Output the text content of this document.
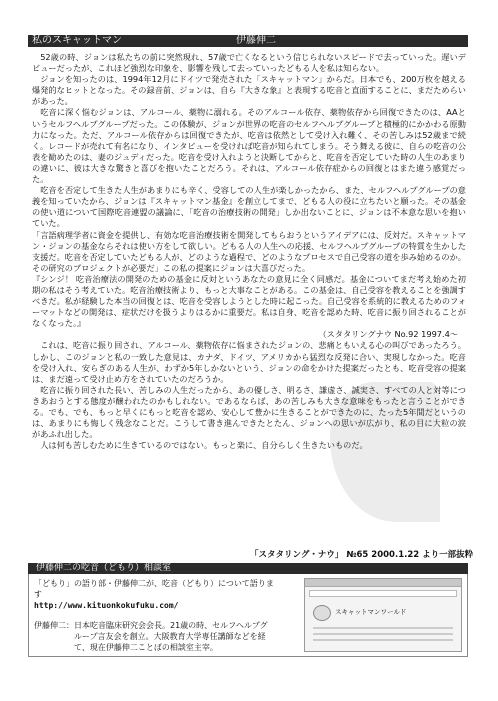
私のスキャットマン	伊藤伸二

52歳の時、ジョンは私たちの前に突然現れ、57歳で亡くなるという信じられないスピードで去っていった。遅いデビューだったが、これほど強烈な印象を、影響を残して去っていったどもる人を私は知らない。

ジョンを知ったのは、1994年12月にドイツで発売された「スキャットマン」からだ。日本でも、200万枚を越える爆発的なヒットとなった。その録音前、ジョンは、自ら『大きな象』と表現する吃音と直面することに、まだためらいがあった。

吃音に深く悩むジョンは、アルコール、薬物に溺れる。そのアルコール依存、薬物依存から回復できたのは、AAというセルフヘルプグループだった。この体験が、ジョンが世界の吃音のセルフヘルプグループと積極的にかかわる原動力になった。ただ、アルコール依存からは回復できたが、吃音は依然として受け入れ難く、その苦しみは52歳まで続く。レコードが売れて有名になり、インタビューを受ければ吃音が知られてしまう。そう舞える彼に、自らの吃音の公表を勧めたのは、妻のジュディだった。吃音を受け入れようと決断してからと、吃音を否定していた時の人生のあまりの違いに、彼は大きな驚きと喜びを抱いたことだろう。それは、アルコール依存症からの回復とはまた違う感覚だった。

吃音を否定して生きた人生があまりにも辛く、受容しての人生が楽しかったから、また、セルフヘルプグループの意義を知っていたから、ジョンは『スキャットマン基金』を創立してまで、どもる人の役に立ちたいと願った。その基金の使い道について国際吃音連盟の議論に、「吃音の治療技術の開発」しか出ないことに、ジョンは不本意な思いを抱いていた。

「言語病理学者に資金を提供し、有効な吃音治療技術を開発してもらおうというアイデアには、反対だ。スキャットマン・ジョンの基金ならそれは使い方をして欲しい。どもる人の人生への応援、セルフヘルプグループの特質を生かした支援だ。吃音を否定していたどもる人が、どのような過程で、どのようなプロセスで自己受容の道を歩み始めるのか。その研究のプロジェクトが必要だ」この私の提案にジョンは大喜びだった。

『シンジ！ 吃音治療法の開発のための基金に反対というあなたの意見に全く同感だ。基金についてまだ考え始めた初期の私はそう考えていた。吃音治療技術より、もっと大事なことがある。この基金は、自己受容を教えることを強調すべきだ。私が経験した本当の回復とは、吃音を受容しようとした時に起こった。自己受容を系統的に教えるためのフォーマットなどの開発は、症状だけを扱うよりはるかに重要だ。私は自身、吃音を認めた時、吃音に振り回されることがなくなった。』

（スタタリングナウ No.92 1997.4〜

これは、吃音に振り回され、アルコール、薬物依存に悩まされたジョンの、悲痛ともいえる心の叫びであったろう。しかし、このジョンと私の一致した意見は、カナダ、ドイツ、アメリカから猛烈な反発に合い、実現しなかった。吃音を受け入れ、安らぎのある人生が、わずか5年しかないという、ジョンの命をかけた提案だったとも、吃音受容の提案は、まだ遠って受け止め方をされていたのだろうか。

吃音に振り回された長い、苦しみの人生だったから、あの優しさ、明るさ、謙虚さ、誠実さ、すべての人と対等につきあおうとする態度が醸われたのかもしれない。であるならば、あの苦しみも大きな意味をもったと言うことができる。でも、でも、もっと早くにもっと吃音を認め、安心して豊かに生きることができたのに、たった5年間だというのは、あまりにも悔しく残念なことだ。こうして書き進んできたとたん、ジョンへの思いが広がり、私の目に大粒の涙があふれ出した。

人は何も苦しむために生きているのではない。もっと楽に、自分らしく生きたいものだ。

「スタタリング・ナウ」 №65 2000.1.22 より一部抜粋
伊藤伸二の吃音（どもり）相談室
「どもり」の語り部・伊藤伸二が、吃音（どもり）について語ります
http://www.kituonkokufuku.com/
伊藤伸二： 日本吃音臨床研究会会長。21歳の時、セルフヘルプグループ言友会を創立。大阪教育大学専任講師などを経て、現在伊藤伸二ことばの相談室主宰。
スキャットマンワールド
